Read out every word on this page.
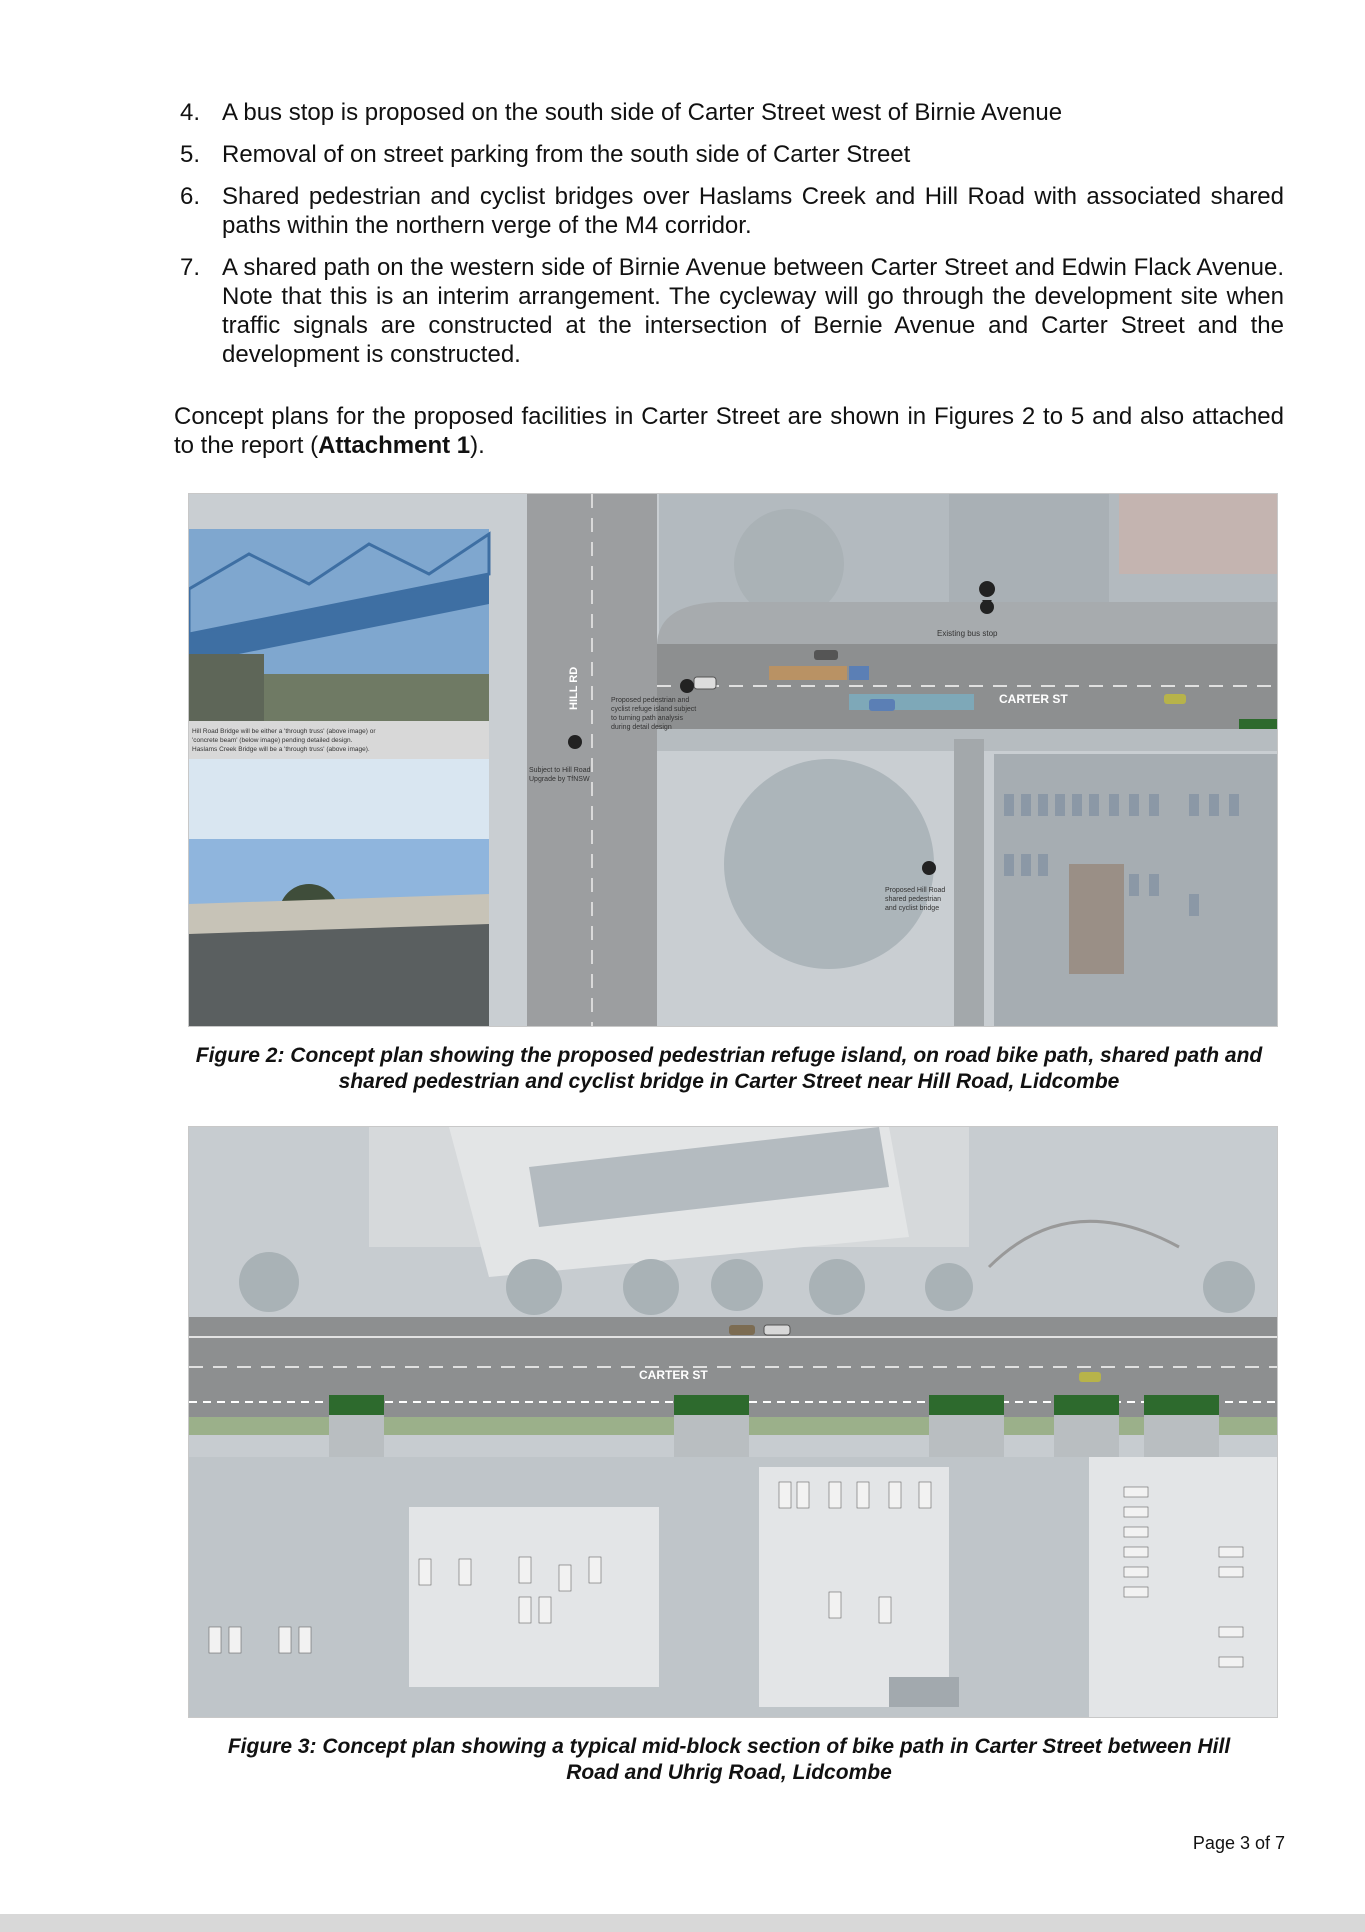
4. A bus stop is proposed on the south side of Carter Street west of Birnie Avenue
5. Removal of on street parking from the south side of Carter Street
6. Shared pedestrian and cyclist bridges over Haslams Creek and Hill Road with associated shared paths within the northern verge of the M4 corridor.
7. A shared path on the western side of Birnie Avenue between Carter Street and Edwin Flack Avenue. Note that this is an interim arrangement. The cycleway will go through the development site when traffic signals are constructed at the intersection of Bernie Avenue and Carter Street and the development is constructed.

Concept plans for the proposed facilities in Carter Street are shown in Figures 2 to 5 and also attached to the report (Attachment 1).

Existing bus stop
CARTER ST
HILL RD	Proposed pedestrian and
cyclist refuge island subject
to turning path analysis
during detail design
Subject to Hill Road
Upgrade by TfNSW
Proposed Hill Road
shared pedestrian
and cyclist bridge
Hill Road Bridge will be either a 'through truss' (above image) or
'concrete beam' (below image) pending detailed design.
Haslams Creek Bridge will be a 'through truss' (above image).

Figure 2: Concept plan showing the proposed pedestrian refuge island, on road bike path, shared path and shared pedestrian and cyclist bridge in Carter Street near Hill Road, Lidcombe

CARTER ST

Figure 3: Concept plan showing a typical mid-block section of bike path in Carter Street between Hill
Road and Uhrig Road, Lidcombe

Page 3 of 7
